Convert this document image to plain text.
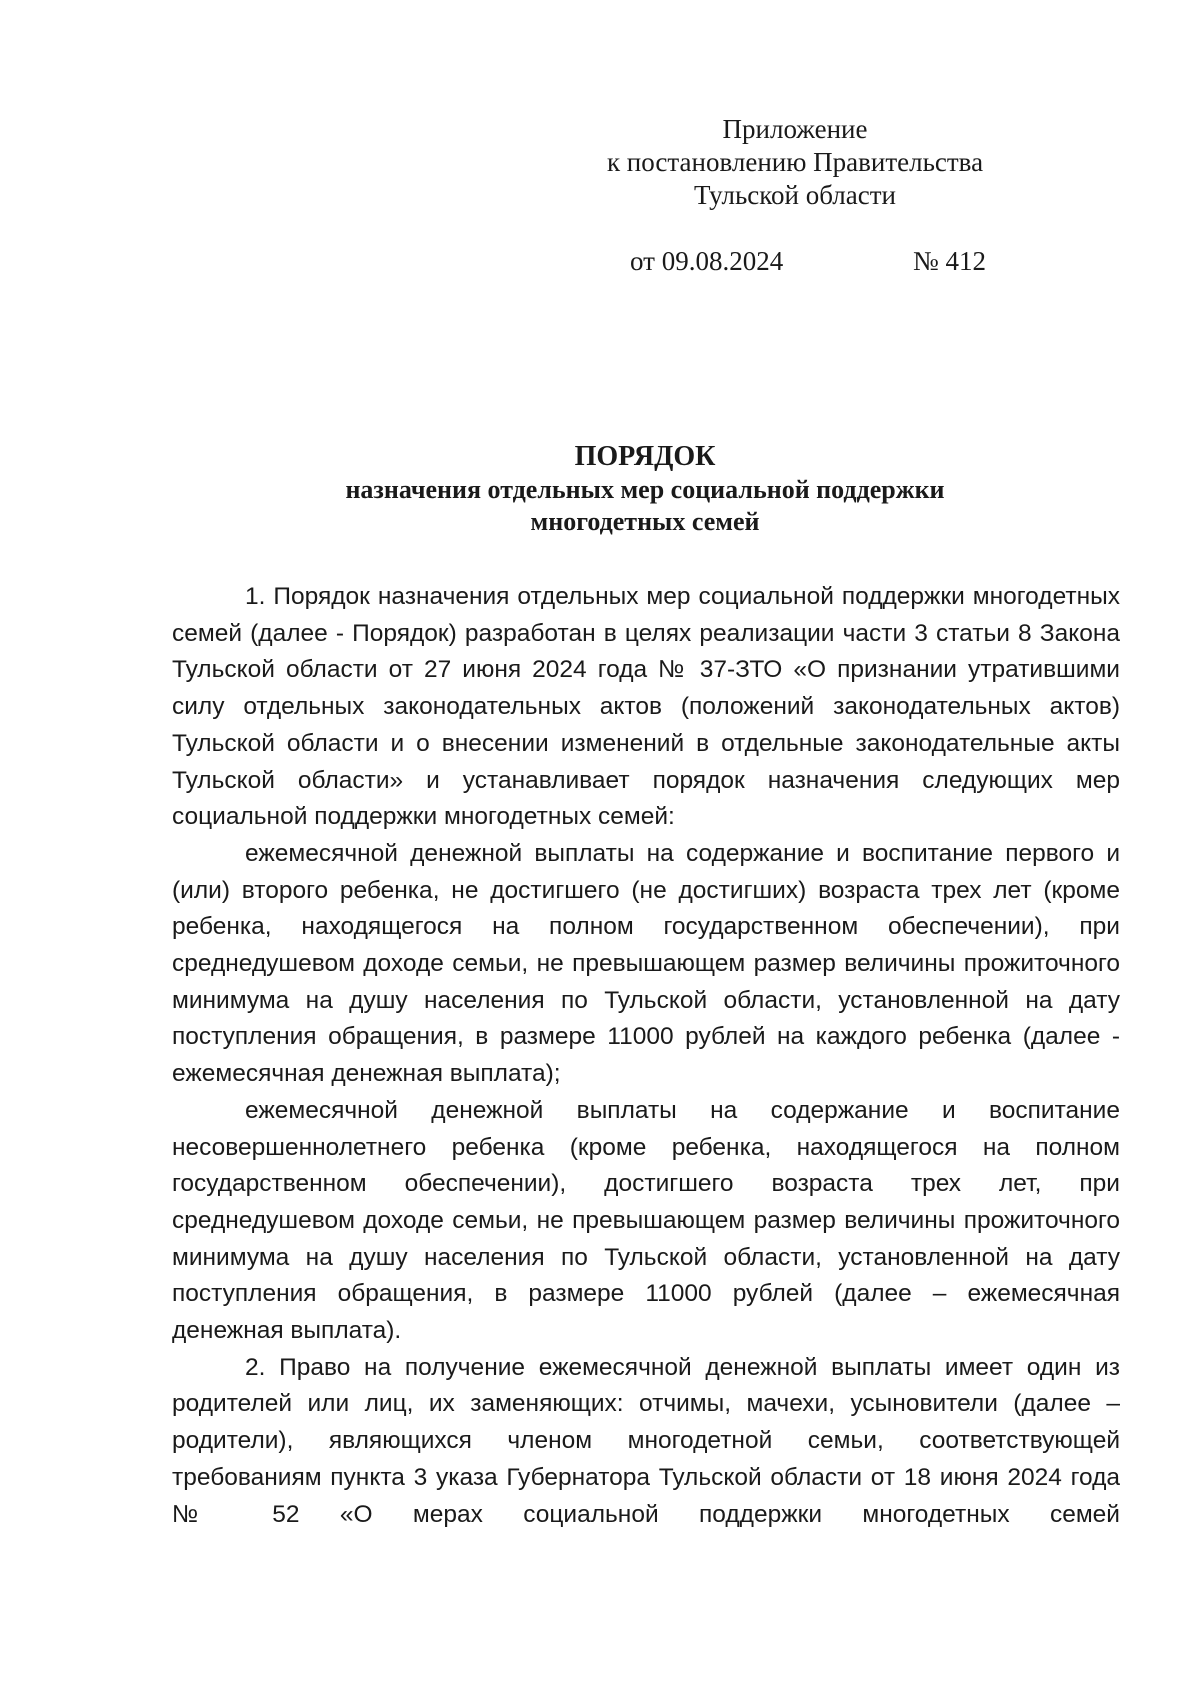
Приложение
к постановлению Правительства
Тульской области
от 09.08.2024	№ 412
ПОРЯДОК
назначения отдельных мер социальной поддержки
многодетных семей

1. Порядок назначения отдельных мер социальной поддержки многодетных семей (далее - Порядок) разработан в целях реализации части 3 статьи 8 Закона Тульской области от 27 июня 2024 года № 37-ЗТО «О признании утратившими силу отдельных законодательных актов (положений законодательных актов) Тульской области и о внесении изменений в отдельные законодательные акты Тульской области» и устанавливает порядок назначения следующих мер социальной поддержки многодетных семей:

ежемесячной денежной выплаты на содержание и воспитание первого и (или) второго ребенка, не достигшего (не достигших) возраста трех лет (кроме ребенка, находящегося на полном государственном обеспечении), при среднедушевом доходе семьи, не превышающем размер величины прожиточного минимума на душу населения по Тульской области, установленной на дату поступления обращения, в размере 11000 рублей на каждого ребенка (далее - ежемесячная денежная выплата);

ежемесячной денежной выплаты на содержание и воспитание несовершеннолетнего ребенка (кроме ребенка, находящегося на полном государственном обеспечении), достигшего возраста трех лет, при среднедушевом доходе семьи, не превышающем размер величины прожиточного минимума на душу населения по Тульской области, установленной на дату поступления обращения, в размере 11000 рублей (далее – ежемесячная денежная выплата).

2. Право на получение ежемесячной денежной выплаты имеет один из родителей или лиц, их заменяющих: отчимы, мачехи, усыновители (далее – родители), являющихся членом многодетной семьи, соответствующей требованиям пункта 3 указа Губернатора Тульской области от 18 июня 2024 года № 52 «О мерах социальной поддержки многодетных семей
